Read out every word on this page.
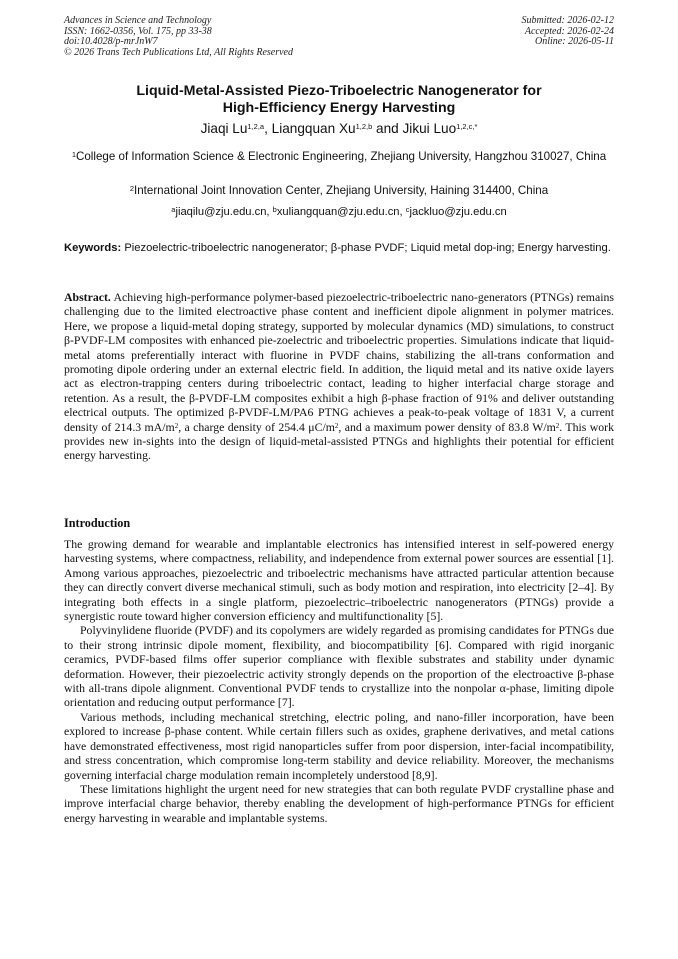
Advances in Science and Technology
ISSN: 1662-0356, Vol. 175, pp 33-38
doi:10.4028/p-mrJnW7
© 2026 Trans Tech Publications Ltd, All Rights Reserved
Submitted: 2026-02-12
Accepted: 2026-02-24
Online: 2026-05-11
Liquid-Metal-Assisted Piezo-Triboelectric Nanogenerator for
High-Efficiency Energy Harvesting
Jiaqi Lu$^{1,2,a}$, Liangquan Xu$^{1,2,b}$ and Jikui Luo$^{1,2,c,*}$
$^1$College of Information Science & Electronic Engineering, Zhejiang University, Hangzhou 310027, China
$^2$International Joint Innovation Center, Zhejiang University, Haining 314400, China
$^a$jiaqilu@zju.edu.cn, $^b$xuliangquan@zju.edu.cn, $^c$jackluo@zju.edu.cn
Keywords: Piezoelectric-triboelectric nanogenerator; β-phase PVDF; Liquid metal dop-ing; Energy harvesting.
Abstract. Achieving high-performance polymer-based piezoelectric-triboelectric nano-generators (PTNGs) remains challenging due to the limited electroactive phase content and inefficient dipole alignment in polymer matrices. Here, we propose a liquid-metal doping strategy, supported by molecular dynamics (MD) simulations, to construct β-PVDF-LM composites with enhanced pie-zoelectric and triboelectric properties. Simulations indicate that liquid-metal atoms preferentially interact with fluorine in PVDF chains, stabilizing the all-trans conformation and promoting dipole ordering under an external electric field. In addition, the liquid metal and its native oxide layers act as electron-trapping centers during triboelectric contact, leading to higher interfacial charge storage and retention. As a result, the β-PVDF-LM composites exhibit a high β-phase fraction of 91% and deliver outstanding electrical outputs. The optimized β-PVDF-LM/PA6 PTNG achieves a peak-to-peak voltage of 1831 V, a current density of 214.3 $mA/m^2$, a charge density of 254.4 $\mu C/m^2$, and a maximum power density of 83.8 $W/m^2$. This work provides new in-sights into the design of liquid-metal-assisted PTNGs and highlights their potential for efficient energy harvesting.
Introduction

The growing demand for wearable and implantable electronics has intensified interest in self-powered energy harvesting systems, where compactness, reliability, and independence from external power sources are essential [1]. Among various approaches, piezoelectric and triboelectric mechanisms have attracted particular attention because they can directly convert diverse mechanical stimuli, such as body motion and respiration, into electricity [2–4]. By integrating both effects in a single platform, piezoelectric–triboelectric nanogenerators (PTNGs) provide a synergistic route toward higher conversion efficiency and multifunctionality [5].

Polyvinylidene fluoride (PVDF) and its copolymers are widely regarded as promising candidates for PTNGs due to their strong intrinsic dipole moment, flexibility, and biocompatibility [6]. Compared with rigid inorganic ceramics, PVDF-based films offer superior compliance with flexible substrates and stability under dynamic deformation. However, their piezoelectric activity strongly depends on the proportion of the electroactive β-phase with all-trans dipole alignment. Conventional PVDF tends to crystallize into the nonpolar α-phase, limiting dipole orientation and reducing output performance [7].

Various methods, including mechanical stretching, electric poling, and nano-filler incorporation, have been explored to increase β-phase content. While certain fillers such as oxides, graphene derivatives, and metal cations have demonstrated effectiveness, most rigid nanoparticles suffer from poor dispersion, inter-facial incompatibility, and stress concentration, which compromise long-term stability and device reliability. Moreover, the mechanisms governing interfacial charge modulation remain incompletely understood [8,9].

These limitations highlight the urgent need for new strategies that can both regulate PVDF crystalline phase and improve interfacial charge behavior, thereby enabling the development of high-performance PTNGs for efficient energy harvesting in wearable and implantable systems.
